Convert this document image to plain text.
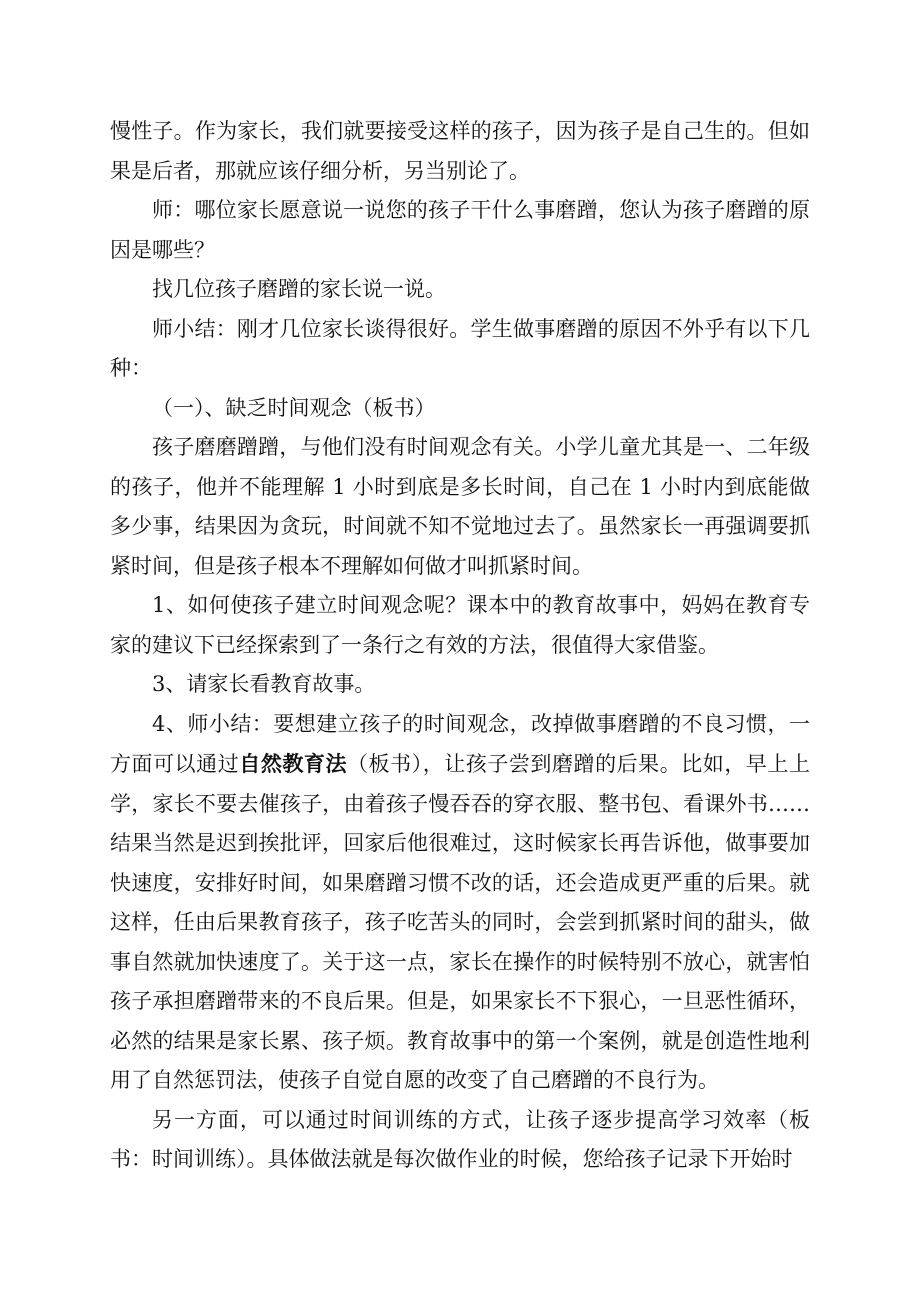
慢性子。作为家长，我们就要接受这样的孩子，因为孩子是自己生的。但如果是后者，那就应该仔细分析，另当别论了。

师：哪位家长愿意说一说您的孩子干什么事磨蹭，您认为孩子磨蹭的原因是哪些？

找几位孩子磨蹭的家长说一说。

师小结：刚才几位家长谈得很好。学生做事磨蹭的原因不外乎有以下几种：

（一）、缺乏时间观念（板书）

孩子磨磨蹭蹭，与他们没有时间观念有关。小学儿童尤其是一、二年级的孩子，他并不能理解 1 小时到底是多长时间，自己在 1 小时内到底能做多少事，结果因为贪玩，时间就不知不觉地过去了。虽然家长一再强调要抓紧时间，但是孩子根本不理解如何做才叫抓紧时间。

1、如何使孩子建立时间观念呢？课本中的教育故事中，妈妈在教育专家的建议下已经探索到了一条行之有效的方法，很值得大家借鉴。

3、请家长看教育故事。

4、师小结：要想建立孩子的时间观念，改掉做事磨蹭的不良习惯，一方面可以通过自然教育法（板书），让孩子尝到磨蹭的后果。比如，早上上学，家长不要去催孩子，由着孩子慢吞吞的穿衣服、整书包、看课外书……结果当然是迟到挨批评，回家后他很难过，这时候家长再告诉他，做事要加快速度，安排好时间，如果磨蹭习惯不改的话，还会造成更严重的后果。就这样，任由后果教育孩子，孩子吃苦头的同时，会尝到抓紧时间的甜头，做事自然就加快速度了。关于这一点，家长在操作的时候特别不放心，就害怕孩子承担磨蹭带来的不良后果。但是，如果家长不下狠心，一旦恶性循环，必然的结果是家长累、孩子烦。教育故事中的第一个案例，就是创造性地利用了自然惩罚法，使孩子自觉自愿的改变了自己磨蹭的不良行为。

另一方面，可以通过时间训练的方式，让孩子逐步提高学习效率（板书：时间训练）。具体做法就是每次做作业的时候，您给孩子记录下开始时
